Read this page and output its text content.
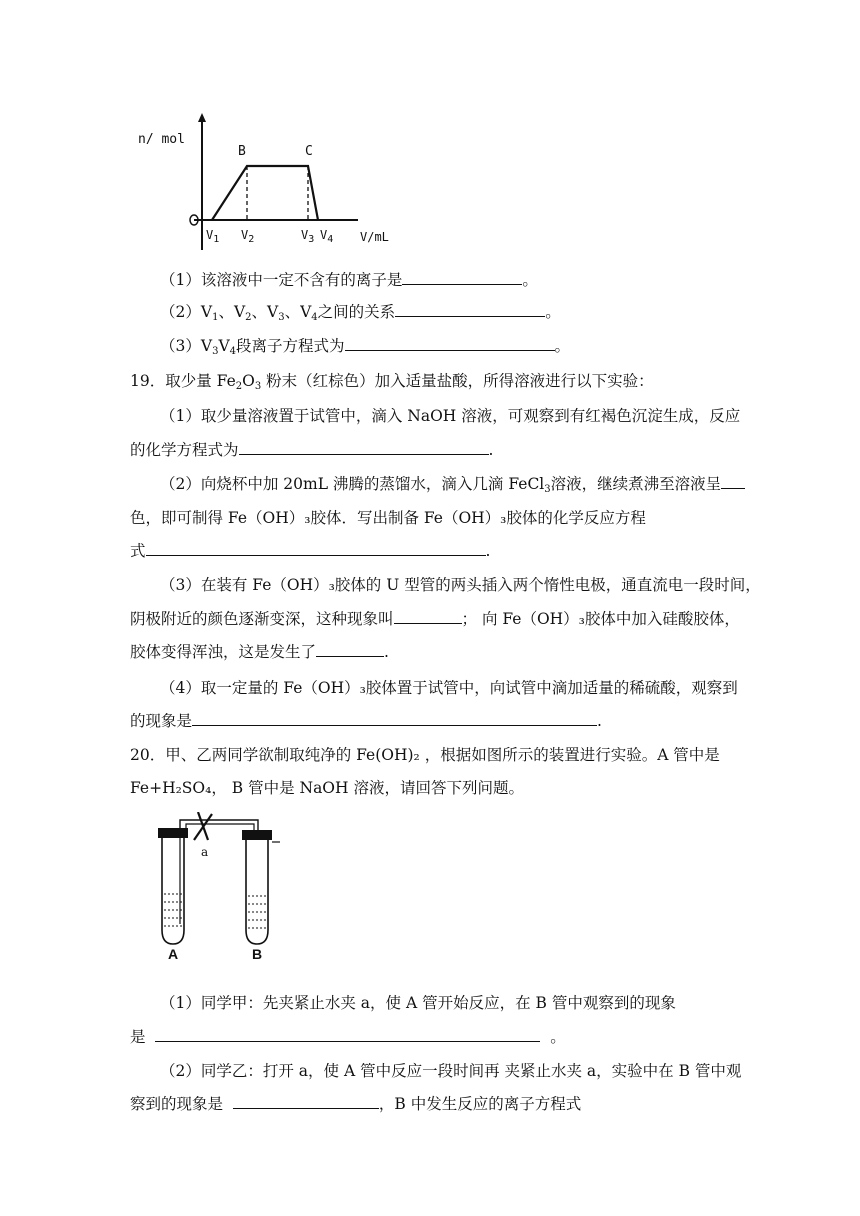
n/ mol
B	C
$V_1$ $V_2$	$V_3$ $V_4$ V/mL
（1）该溶液中一定不含有的离子是	。
$(2)V_1$、$V_2$、$V_3$、$V_4$之间的关系	。
$(3)V_3V_4$段离子方程式为	。
19．取少量 $Fe_2O_3$ 粉末（红棕色）加入适量盐酸，所得溶液进行以下实验：
（1）取少量溶液置于试管中，滴入 NaOH 溶液，可观察到有红褐色沉淀生成，反应
的化学方程式为	.
（2）向烧杯中加 20mL 沸腾的蒸馏水，滴入几滴 FeCl$_3$溶液，继续煮沸至溶液呈
色，即可制得 Fe（OH）₃胶体．写出制备 Fe（OH）₃胶体的化学反应方程
式	.
（3）在装有 Fe（OH）₃胶体的 U 型管的两头插入两个惰性电极，通直流电一段时间，
阴极附近的颜色逐渐变深，这种现象叫	； 向 Fe（OH）₃胶体中加入硅酸胶体，
胶体变得浑浊，这是发生了	.
（4）取一定量的 Fe（OH）₃胶体置于试管中，向试管中滴加适量的稀硫酸，观察到
的现象是	.
20．甲、乙两同学欲制取纯净的 Fe(OH)₂ ，根据如图所示的装置进行实验。A 管中是
Fe+H₂SO₄， B 管中是 NaOH 溶液，请回答下列问题。
a
A	B
（1）同学甲：先夹紧止水夹 a，使 A 管开始反应，在 B 管中观察到的现象
是	。
（2）同学乙：打开 a，使 A 管中反应一段时间再 夹紧止水夹 a，实验中在 B 管中观
察到的现象是	，B 中发生反应的离子方程式
